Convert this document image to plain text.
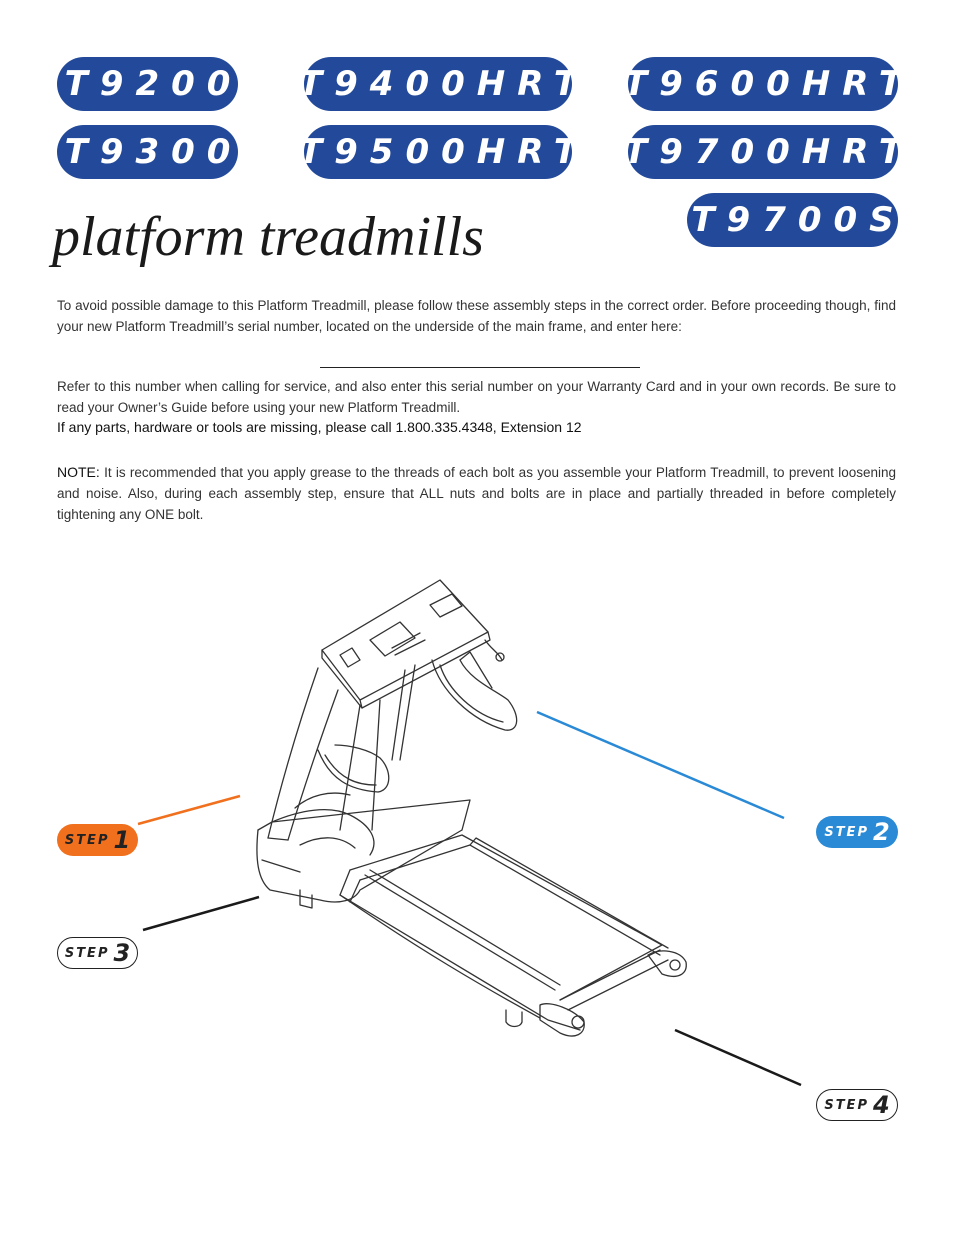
T9200
T9300
T9400HRT
T9500HRT
T9600HRT
T9700HRT
T9700S
platform treadmills
To avoid possible damage to this Platform Treadmill, please follow these assembly steps in the correct order. Before proceeding though, find your new Platform Treadmill’s serial number, located on the underside of the main frame, and enter here:
Refer to this number when calling for service, and also enter this serial number on your Warranty Card and in your own records. Be sure to read your Owner’s Guide before using your new Platform Treadmill.
If any parts, hardware or tools are missing, please call 1.800.335.4348, Extension 12
NOTE: It is recommended that you apply grease to the threads of each bolt as you assemble your Platform Treadmill, to prevent loosening and noise. Also, during each assembly step, ensure that ALL nuts and bolts are in place and partially threaded in before completely tightening any ONE bolt.
STEP 1	STEP 2
STEP 3
STEP 4
